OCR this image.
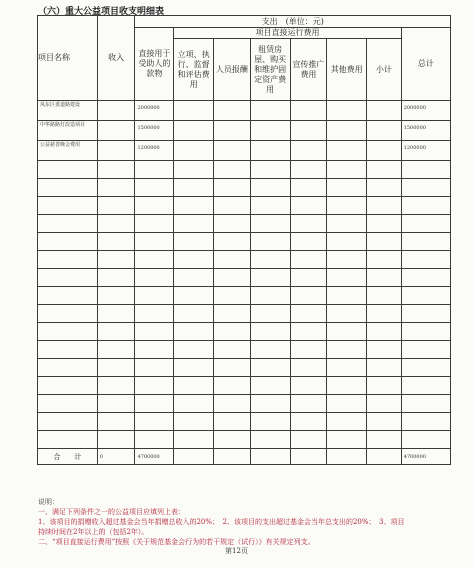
（六）重大公益项目收支明细表
项目名称	收入	支出　(单位：元)							
		直接用于受助人的款物	项目直接运行费用						总计
			立项、执行、监督和评估费用	人员报酬	租赁房屋、购买和维护固定资产费用	宣传推广费用	其他费用	小计	
凤东区委道路建设		2000000							2000000
中华路路灯改造项目		1500000							1500000
公益慈善晚会费用		1200000							1200000

合　　计	0	4700000							4700000
说明：
一、满足下列条件之一的公益项目应填列上表：
1、该项目的捐赠收入超过基金会当年捐赠总收入的20%；　2、该项目的支出超过基金会当年总支出的20%；　3、项目
持续时间在2年以上的（包括2年）。
二、“项目直接运行费用”按照《关于规范基金会行为的若干规定（试行）》有关规定列支。
第12页
